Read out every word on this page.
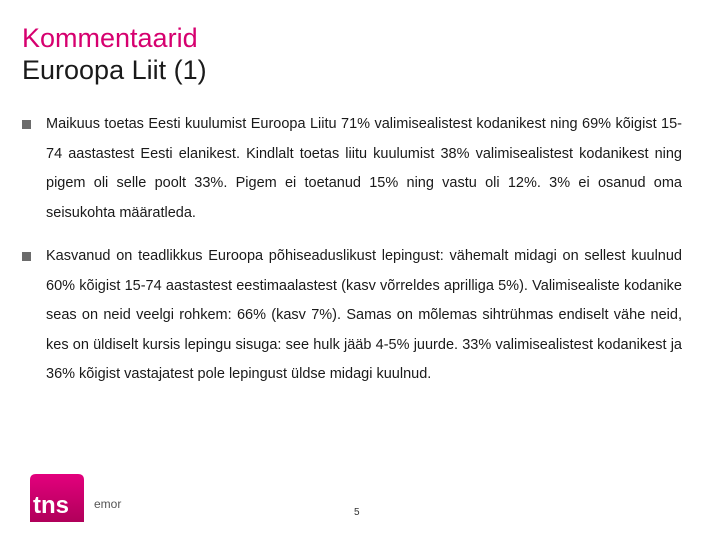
Kommentaarid
Euroopa Liit (1)

Maikuus toetas Eesti kuulumist Euroopa Liitu 71% valimisealistest kodanikest ning 69% kõigist 15-74 aastastest Eesti elanikest. Kindlalt toetas liitu kuulumist 38% valimisealistest kodanikest ning pigem oli selle poolt 33%. Pigem ei toetanud 15% ning vastu oli 12%. 3% ei osanud oma seisukohta määratleda.

Kasvanud on teadlikkus Euroopa põhiseaduslikust lepingust: vähemalt midagi on sellest kuulnud 60% kõigist 15-74 aastastest eestimaalastest (kasv võrreldes aprilliga 5%). Valimisealiste kodanike seas on neid veelgi rohkem: 66% (kasv 7%). Samas on mõlemas sihtrühmas endiselt vähe neid, kes on üldiselt kursis lepingu sisuga: see hulk jääb 4-5% juurde. 33% valimisealistest kodanikest ja 36% kõigist vastajatest pole lepingust üldse midagi kuulnud.

tns emor
5
